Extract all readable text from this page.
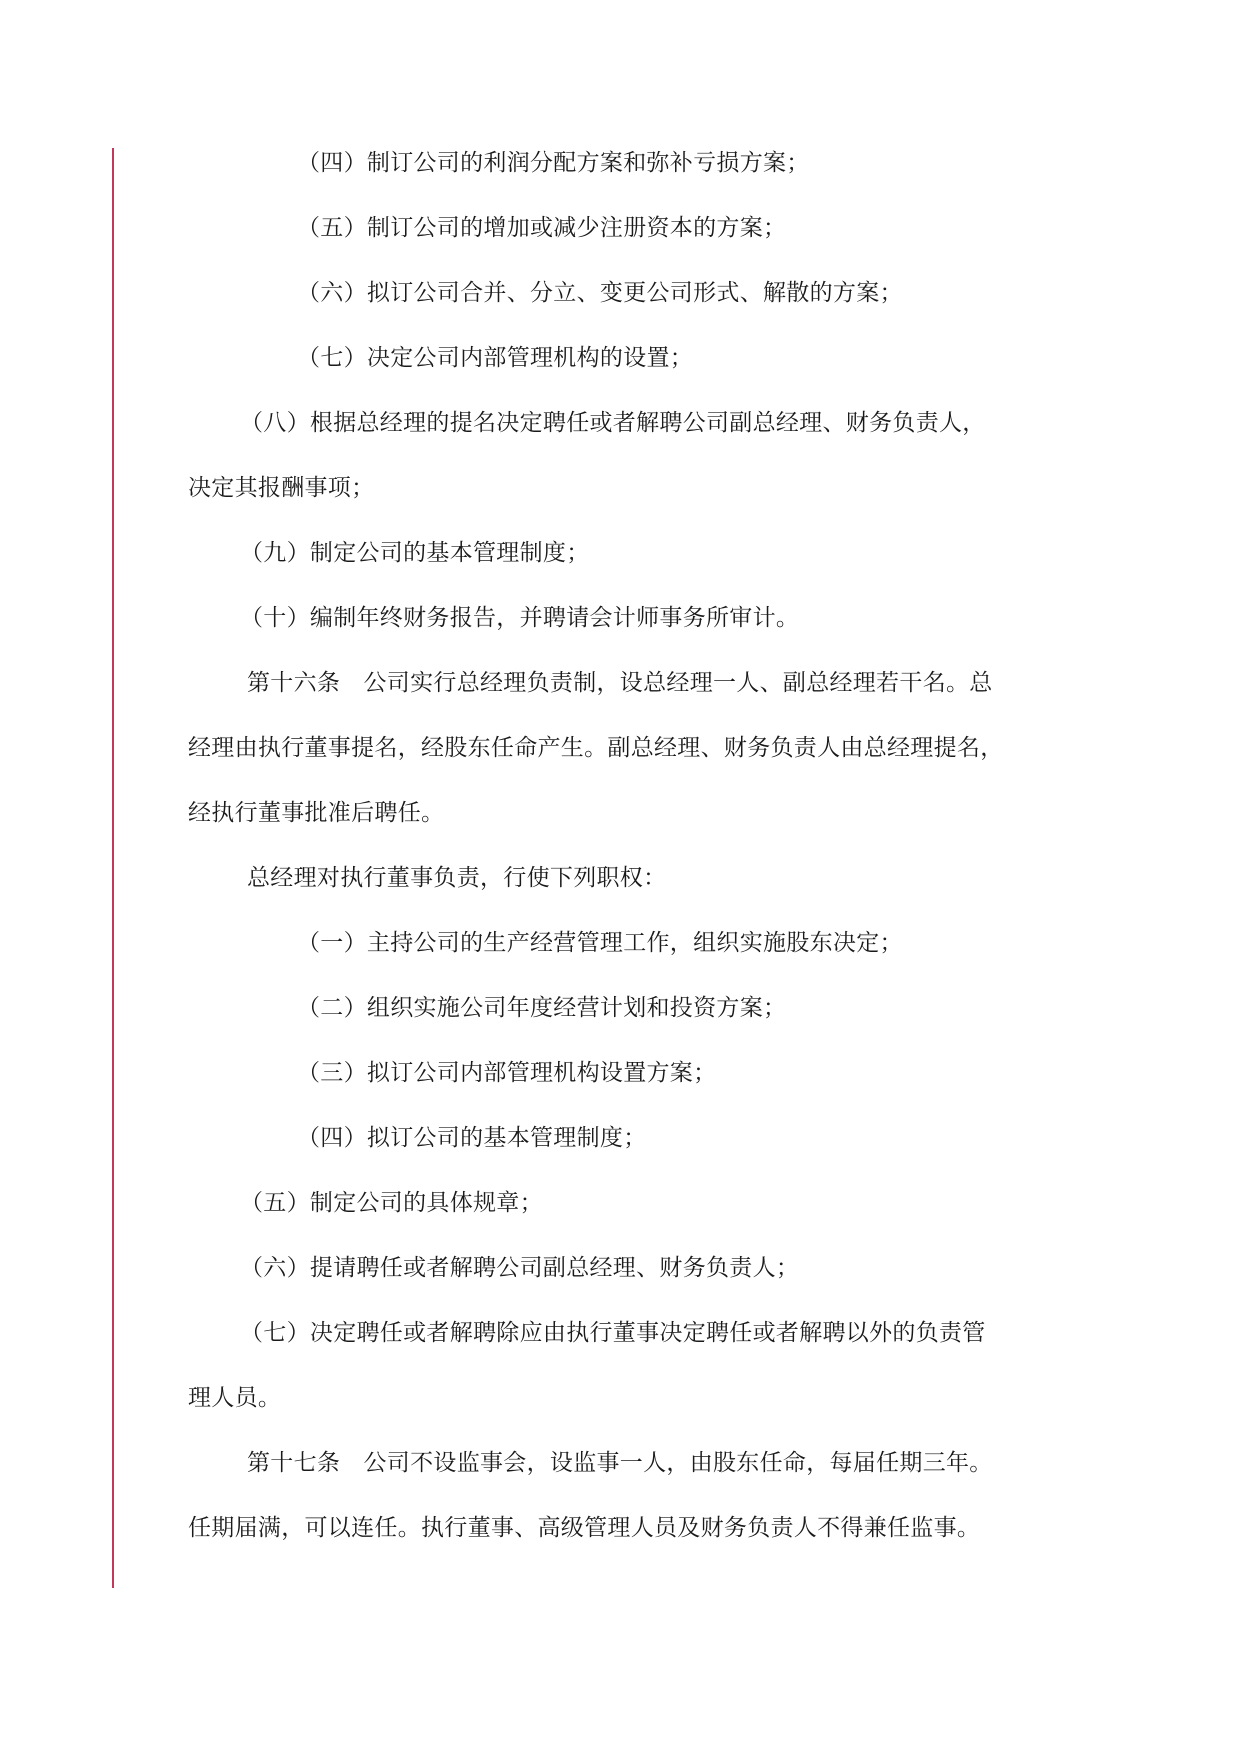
（四）制订公司的利润分配方案和弥补亏损方案；
（五）制订公司的增加或减少注册资本的方案；
（六）拟订公司合并、分立、变更公司形式、解散的方案；
（七）决定公司内部管理机构的设置；
（八）根据总经理的提名决定聘任或者解聘公司副总经理、财务负责人，
决定其报酬事项；
（九）制定公司的基本管理制度；
（十）编制年终财务报告，并聘请会计师事务所审计。
第十六条　公司实行总经理负责制，设总经理一人、副总经理若干名。总
经理由执行董事提名，经股东任命产生。副总经理、财务负责人由总经理提名，
经执行董事批准后聘任。
总经理对执行董事负责，行使下列职权：
（一）主持公司的生产经营管理工作，组织实施股东决定；
（二）组织实施公司年度经营计划和投资方案；
（三）拟订公司内部管理机构设置方案；
（四）拟订公司的基本管理制度；
（五）制定公司的具体规章；
（六）提请聘任或者解聘公司副总经理、财务负责人；
（七）决定聘任或者解聘除应由执行董事决定聘任或者解聘以外的负责管
理人员。
第十七条　公司不设监事会，设监事一人，由股东任命，每届任期三年。
任期届满，可以连任。执行董事、高级管理人员及财务负责人不得兼任监事。
